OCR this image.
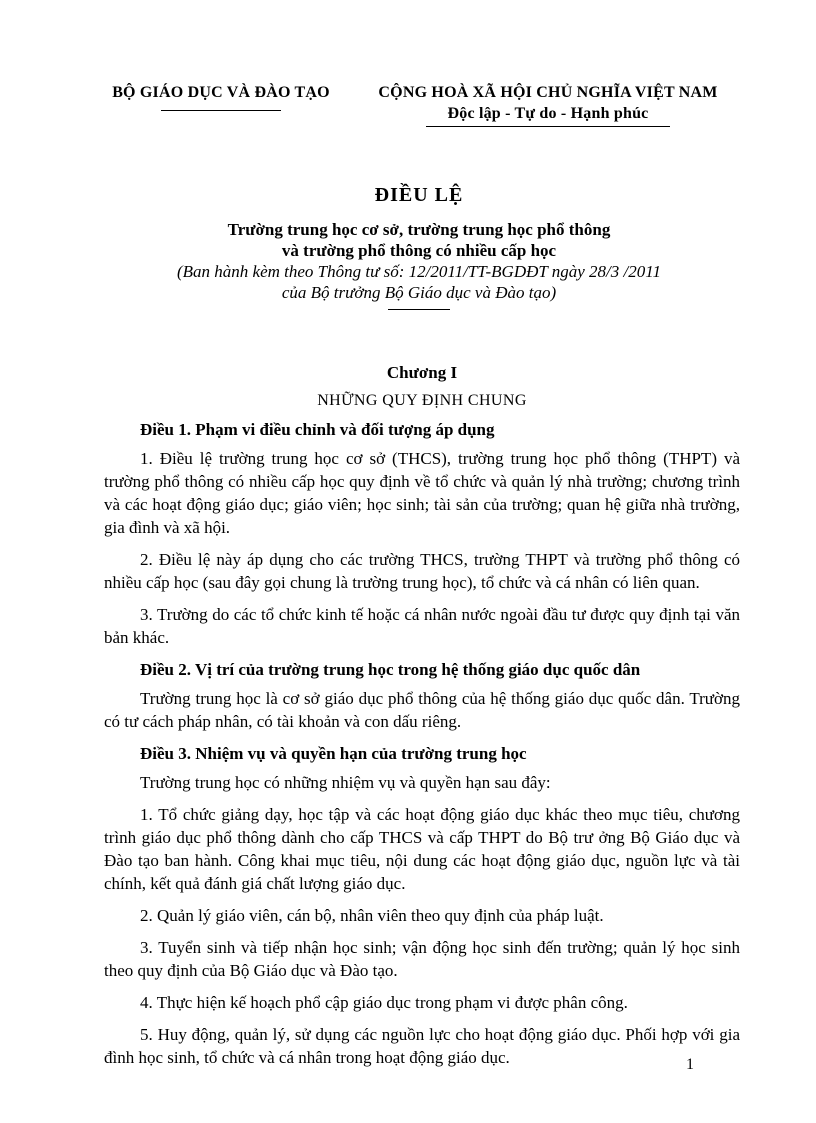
BỘ GIÁO DỤC VÀ ĐÀO TẠO	CỘNG HOÀ XÃ HỘI CHỦ NGHĨA VIỆT NAM
Độc lập - Tự do - Hạnh phúc
ĐIỀU LỆ
Trường trung học cơ sở, trường trung học phổ thông
và trường phổ thông có nhiều cấp học
(Ban hành kèm theo Thông tư số: 12/2011/TT-BGDĐT ngày 28/3 /2011
của Bộ trưởng Bộ Giáo dục và Đào tạo)
Chương I
NHỮNG QUY ĐỊNH CHUNG
Điều 1. Phạm vi điều chỉnh và đối tượng áp dụng

1. Điều lệ trường trung học cơ sở (THCS), trường trung học phổ thông (THPT) và trường phổ thông có nhiều cấp học quy định về tổ chức và quản lý nhà trường; chương trình và các hoạt động giáo dục; giáo viên; học sinh; tài sản của trường; quan hệ giữa nhà trường, gia đình và xã hội.

2. Điều lệ này áp dụng cho các trường THCS, trường THPT và trường phổ thông có nhiều cấp học (sau đây gọi chung là trường trung học), tổ chức và cá nhân có liên quan.

3. Trường do các tổ chức kinh tế hoặc cá nhân nước ngoài đầu tư được quy định tại văn bản khác.

Điều 2. Vị trí của trường trung học trong hệ thống giáo dục quốc dân

Trường trung học là cơ sở giáo dục phổ thông của hệ thống giáo dục quốc dân. Trường có tư cách pháp nhân, có tài khoản và con dấu riêng.

Điều 3. Nhiệm vụ và quyền hạn của trường trung học

Trường trung học có những nhiệm vụ và quyền hạn sau đây:

1. Tổ chức giảng dạy, học tập và các hoạt động giáo dục khác theo mục tiêu, chương trình giáo dục phổ thông dành cho cấp THCS và cấp THPT do Bộ trư ởng Bộ Giáo dục và Đào tạo ban hành. Công khai mục tiêu, nội dung các hoạt động giáo dục, nguồn lực và tài chính, kết quả đánh giá chất lượng giáo dục.

2. Quản lý giáo viên, cán bộ, nhân viên theo quy định của pháp luật.

3. Tuyển sinh và tiếp nhận học sinh; vận động học sinh đến trường; quản lý học sinh theo quy định của Bộ Giáo dục và Đào tạo.

4. Thực hiện kế hoạch phổ cập giáo dục trong phạm vi được phân công.

5. Huy động, quản lý, sử dụng các nguồn lực cho hoạt động giáo dục. Phối hợp với gia đình học sinh, tổ chức và cá nhân trong hoạt động giáo dục.	1
